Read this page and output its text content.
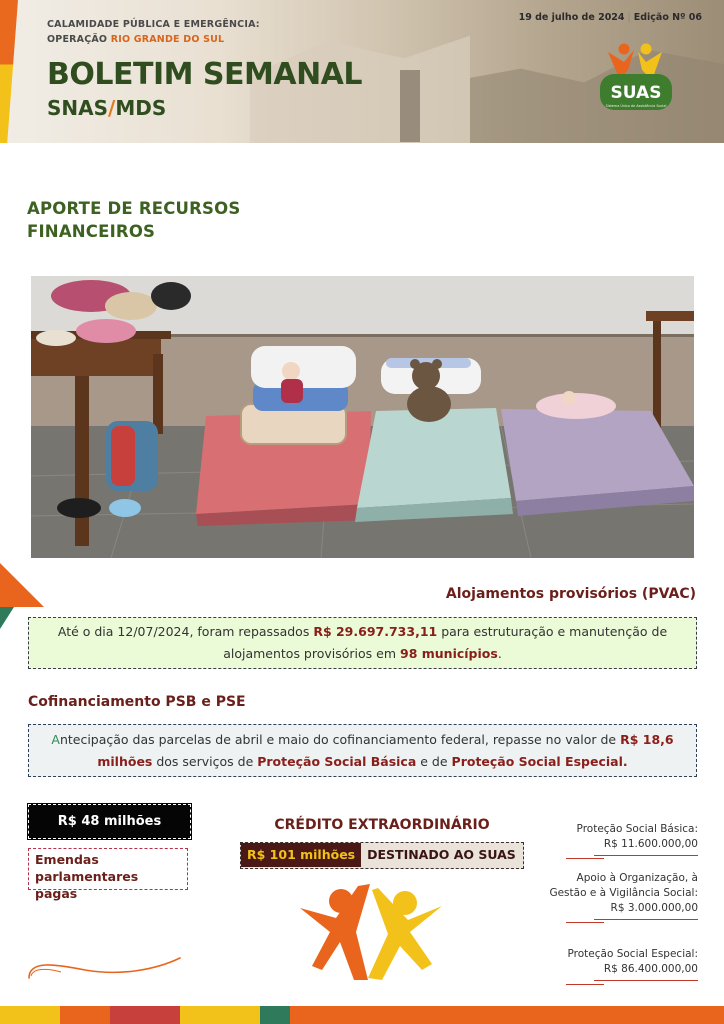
CALAMIDADE PÚBLICA E EMERGÊNCIA:
OPERAÇÃO RIO GRANDE DO SUL
BOLETIM SEMANAL
SNAS/MDS
19 de julho de 2024 | Edição Nº 06
SUAS
Sistema Único de Assistência Social
APORTE DE RECURSOS FINANCEIROS
Alojamentos provisórios (PVAC)
Até o dia 12/07/2024, foram repassados R$ 29.697.733,11 para estruturação e manutenção de alojamentos provisórios em 98 municípios.
Cofinanciamento PSB e PSE
Antecipação das parcelas de abril e maio do cofinanciamento federal, repasse no valor de R$ 18,6 milhões dos serviços de Proteção Social Básica e de Proteção Social Especial.
R$ 48 milhões
Emendas parlamentares pagas
CRÉDITO EXTRAORDINÁRIO
R$ 101 milhões DESTINADO AO SUAS
Proteção Social Básica:
R$ 11.600.000,00
Apoio à Organização, à Gestão e à Vigilância Social:
R$ 3.000.000,00
Proteção Social Especial:
R$ 86.400.000,00
